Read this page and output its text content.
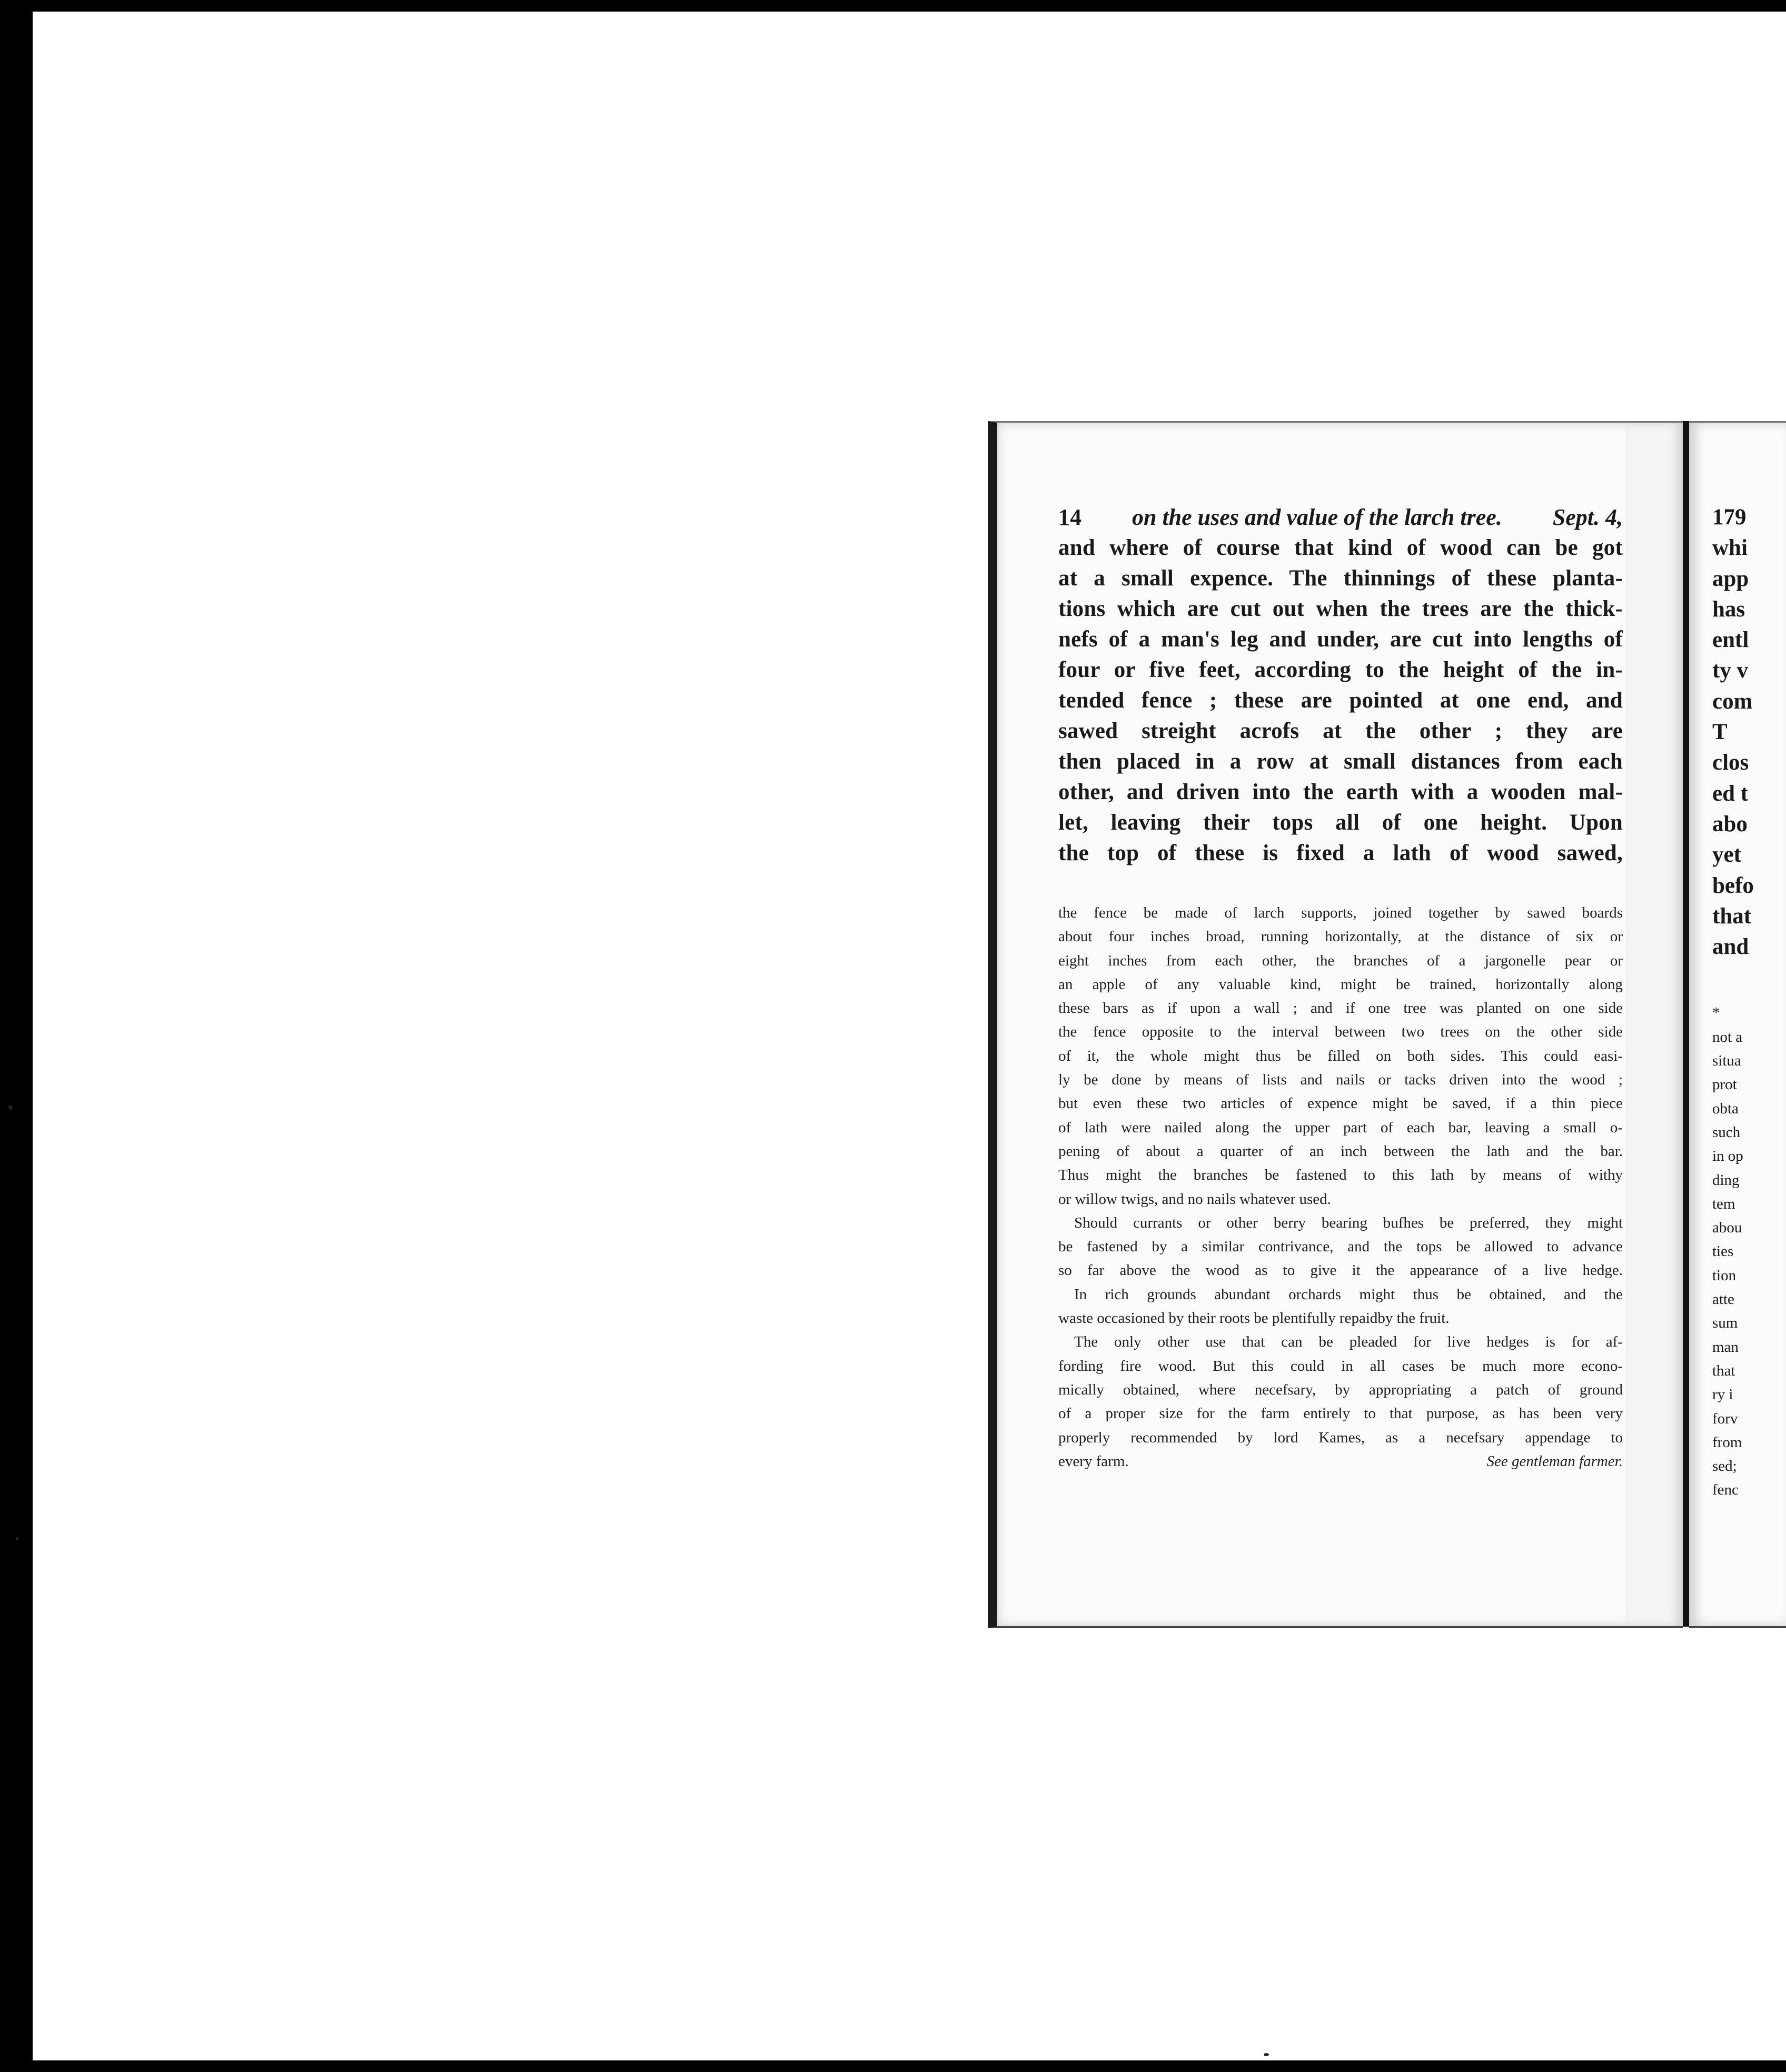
14 on the uses and value of the larch tree. Sept. 4,
and where of course that kind of wood can be got
at a small expence. The thinnings of these planta-
tions which are cut out when the trees are the thick-
nefs of a man's leg and under, are cut into lengths of
four or five feet, according to the height of the in-
tended fence ; these are pointed at one end, and
sawed streight acrofs at the other ; they are
then placed in a row at small distances from each
other, and driven into the earth with a wooden mal-
let, leaving their tops all of one height. Upon
the top of these is fixed a lath of wood sawed,
the fence be made of larch supports, joined together by sawed boards
about four inches broad, running horizontally, at the distance of six or
eight inches from each other, the branches of a jargonelle pear or
an apple of any valuable kind, might be trained, horizontally along
these bars as if upon a wall ; and if one tree was planted on one side
the fence opposite to the interval between two trees on the other side
of it, the whole might thus be filled on both sides. This could easi-
ly be done by means of lists and nails or tacks driven into the wood ;
but even these two articles of expence might be saved, if a thin piece
of lath were nailed along the upper part of each bar, leaving a small o-
pening of about a quarter of an inch between the lath and the bar.
Thus might the branches be fastened to this lath by means of withy
or willow twigs, and no nails whatever used.
Should currants or other berry bearing bufhes be preferred, they might
be fastened by a similar contrivance, and the tops be allowed to advance
so far above the wood as to give it the appearance of a live hedge.
In rich grounds abundant orchards might thus be obtained, and the
waste occasioned by their roots be plentifully repaidby the fruit.
The only other use that can be pleaded for live hedges is for af-
fording fire wood. But this could in all cases be much more econo-
mically obtained, where necefsary, by appropriating a patch of ground
of a proper size for the farm entirely to that purpose, as has been very
properly recommended by lord Kames, as a necefsary appendage to
every farm.	See gentleman farmer.
179
whi
app
has
entl
ty v
com
T
clos
ed t
abo
yet
befo
that
and
*
not a
situa
prot
obta
such
in op
ding
tem
abou
ties
tion
atte
sum
man
that
ry i
forv
from
sed;
fenc
